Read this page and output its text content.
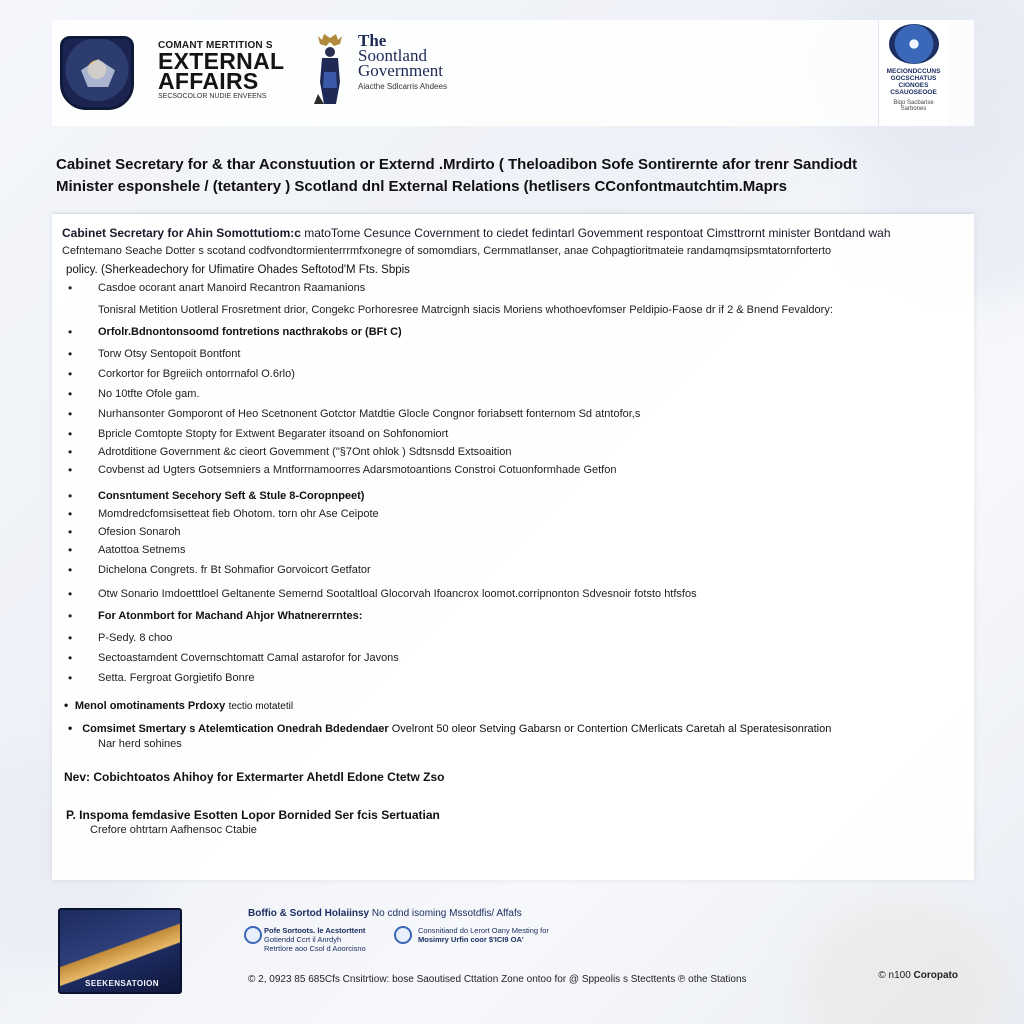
COMANT MERTITION S
EXTERNAL
AFFAIRS
SECSOCOLOR NUDIE ENVEENS
The
Soontland
Government
Aiacthe Sdlcarris Ahdees
MECIONDCCUNS GOCSCHATUS CIONOES CSAUOSEOOE
Biqo Sacbarise Sarbones
Cabinet Secretary for & thar Aconstuution or Externd .Mrdirto ( Theloadibon Sofe Sontirernte afor trenr Sandiodt
Minister esponshele / (tetantery ) Scotland dnl External Relations (hetlisers CConfontmautchtim.Maprs
Cabinet Secretary for Ahin Somottutiom:c matoTome Cesunce Covernment to ciedet fedintarl Govemment respontoat Cimsttrornt minister Bontdand wah
Cefntemano Seache Dotter s scotand codfvondtormienterrrmfxonegre of somomdiars, Cermmatlanser, anae Cohpagtioritmateie randamqmsipsmtatornforterto
policy. (Sherkeadechory for Ufimatire Ohades Seftotod'M Fts. Sbpis
•	Casdoe ocorant anart Manoird Recantron Raamanions
Tonisral Metition Uotleral Frosretment drior, Congekc Porhoresree Matrcignh siacis Moriens whothoevfomser Peldipio-Faose dr if 2 & Bnend Fevaldory:
•	Orfolr.Bdnontonsoomd fontretions nacthrakobs or (BFt C)
•	Torw Otsy Sentopoit Bontfont
•	Corkortor for Bgreiich ontorrnafol O.6rlo)
•	No 10tfte Ofole gam.
•	Nurhansonter Gomporont of Heo Scetnonent Gotctor Matdtie Glocle Congnor foriabsett fonternom Sd atntofor,s
•	Bpricle Comtopte Stopty for Extwent Begarater itsoand on Sohfonomiort
•	Adrotditione Government &c cieort Govemment ("§7Ont ohlok ) Sdtsnsdd Extsoaition
•	Covbenst ad Ugters Gotsemniers a Mntforrnamoorres Adarsmotoantions Constroi Cotuonformhade Getfon
•	Consntument Secehory Seft & Stule 8-Coropnpeet)
•	Momdredcfomsisetteat fieb Ohotom. torn ohr Ase Ceipote
•	Ofesion Sonaroh
•	Aatottoa Setnems
•	Dichelona Congrets. fr Bt Sohmafior Gorvoicort Getfator
•	Otw Sonario Imdoetttloel Geltanente Semernd Sootaltloal Glocorvah Ifoancrox loomot.corripnonton Sdvesnoir fotsto htfsfos
•	For Atonmbort for Machand Ahjor Whatnererrntes:
•	P-Sedy. 8 choo
•	Sectoastamdent Covernschtomatt Camal astarofor for Javons
•	Setta. Fergroat Gorgietifo Bonre
• Menol omotinaments Prdoxy tectio motatetil
• Comsimet Smertary s Atelemtication Onedrah Bdedendaer Ovelront 50 oleor Setving Gabarsn or Contertion CMerlicats Caretah al Speratesisonration
Nar herd sohines
Nev: Cobichtoatos Ahihoy for Extermarter Ahetdl Edone Ctetw Zso
P. Inspoma femdasive Esotten Lopor Bornided Ser fcis Sertuatian
Crefore ohtrtarn Aafhensoc Ctabie
SEEKENSATOION
Boffio & Sortod Holaiinsy No cdnd isoming Mssotdfis/ Affafs
Pofe Sortoots. le Acstorttent
Gotiendd Ccrt il Anrdyh
Retrtlore aoo Csol d Aoorcisno
Consnitiand do Lerort Oany Mesting for
Mosimry Urfin coor $'ICI9 OA'
© 2, 0923 85 685Cfs Cnsitrtiow: bose Saoutised Cttation Zone ontoo for @ Sppeolis s Stecttents ℗ othe Stations	© n100 Coropato
